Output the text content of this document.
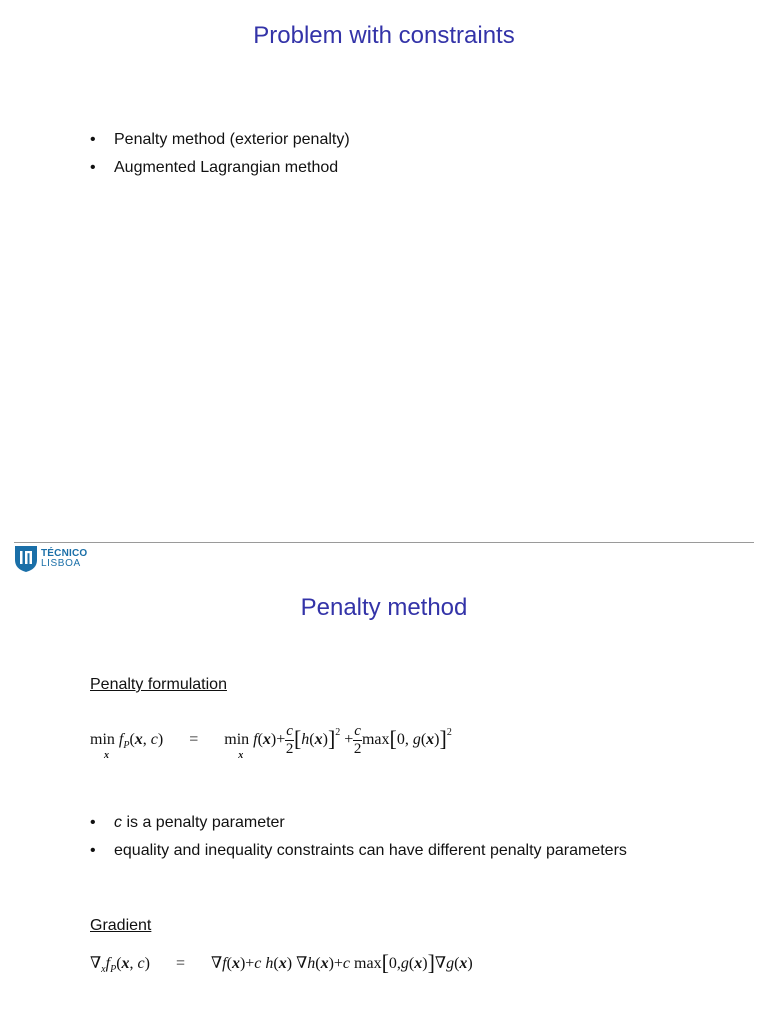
Problem with constraints
• Penalty method (exterior penalty)
• Augmented Lagrangian method
TÉCNICO
LISBOA
Penalty method
Penalty formulation
min
x
$f_P(x$, c) = min
x
$f(x)+ \frac{c}{2} [h(x)]^2 + \frac{c}{2} \max[0$, g(x)]$^2$
• c is a penalty parameter
• equality and inequality constraints can have different penalty parameters
Gradient
$\nabla_xf_P(x$, c) = ∇f(x)+c h(x) ∇h(x)+c max[0,g(x)]∇g(x)
